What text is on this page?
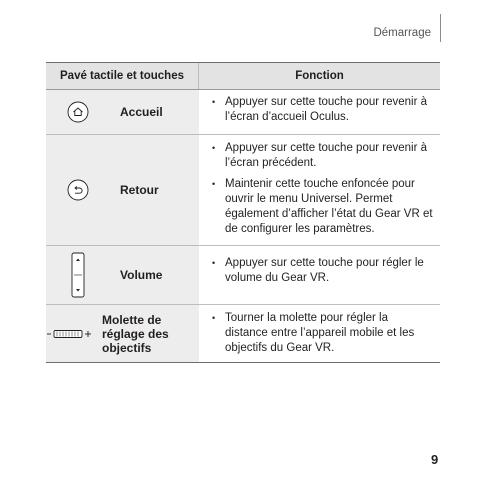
Démarrage
Pavé tactile et touches	Fonction
Accueil
• Appuyer sur cette touche pour revenir à l’écran d’accueil Oculus.
Retour
• Appuyer sur cette touche pour revenir à l’écran précédent.
• Maintenir cette touche enfoncée pour ouvrir le menu Universel. Permet également d’afficher l’état du Gear VR et de configurer les paramètres.
Volume
• Appuyer sur cette touche pour régler le volume du Gear VR.
Molette de réglage des objectifs
• Tourner la molette pour régler la distance entre l’appareil mobile et les objectifs du Gear VR.
9
